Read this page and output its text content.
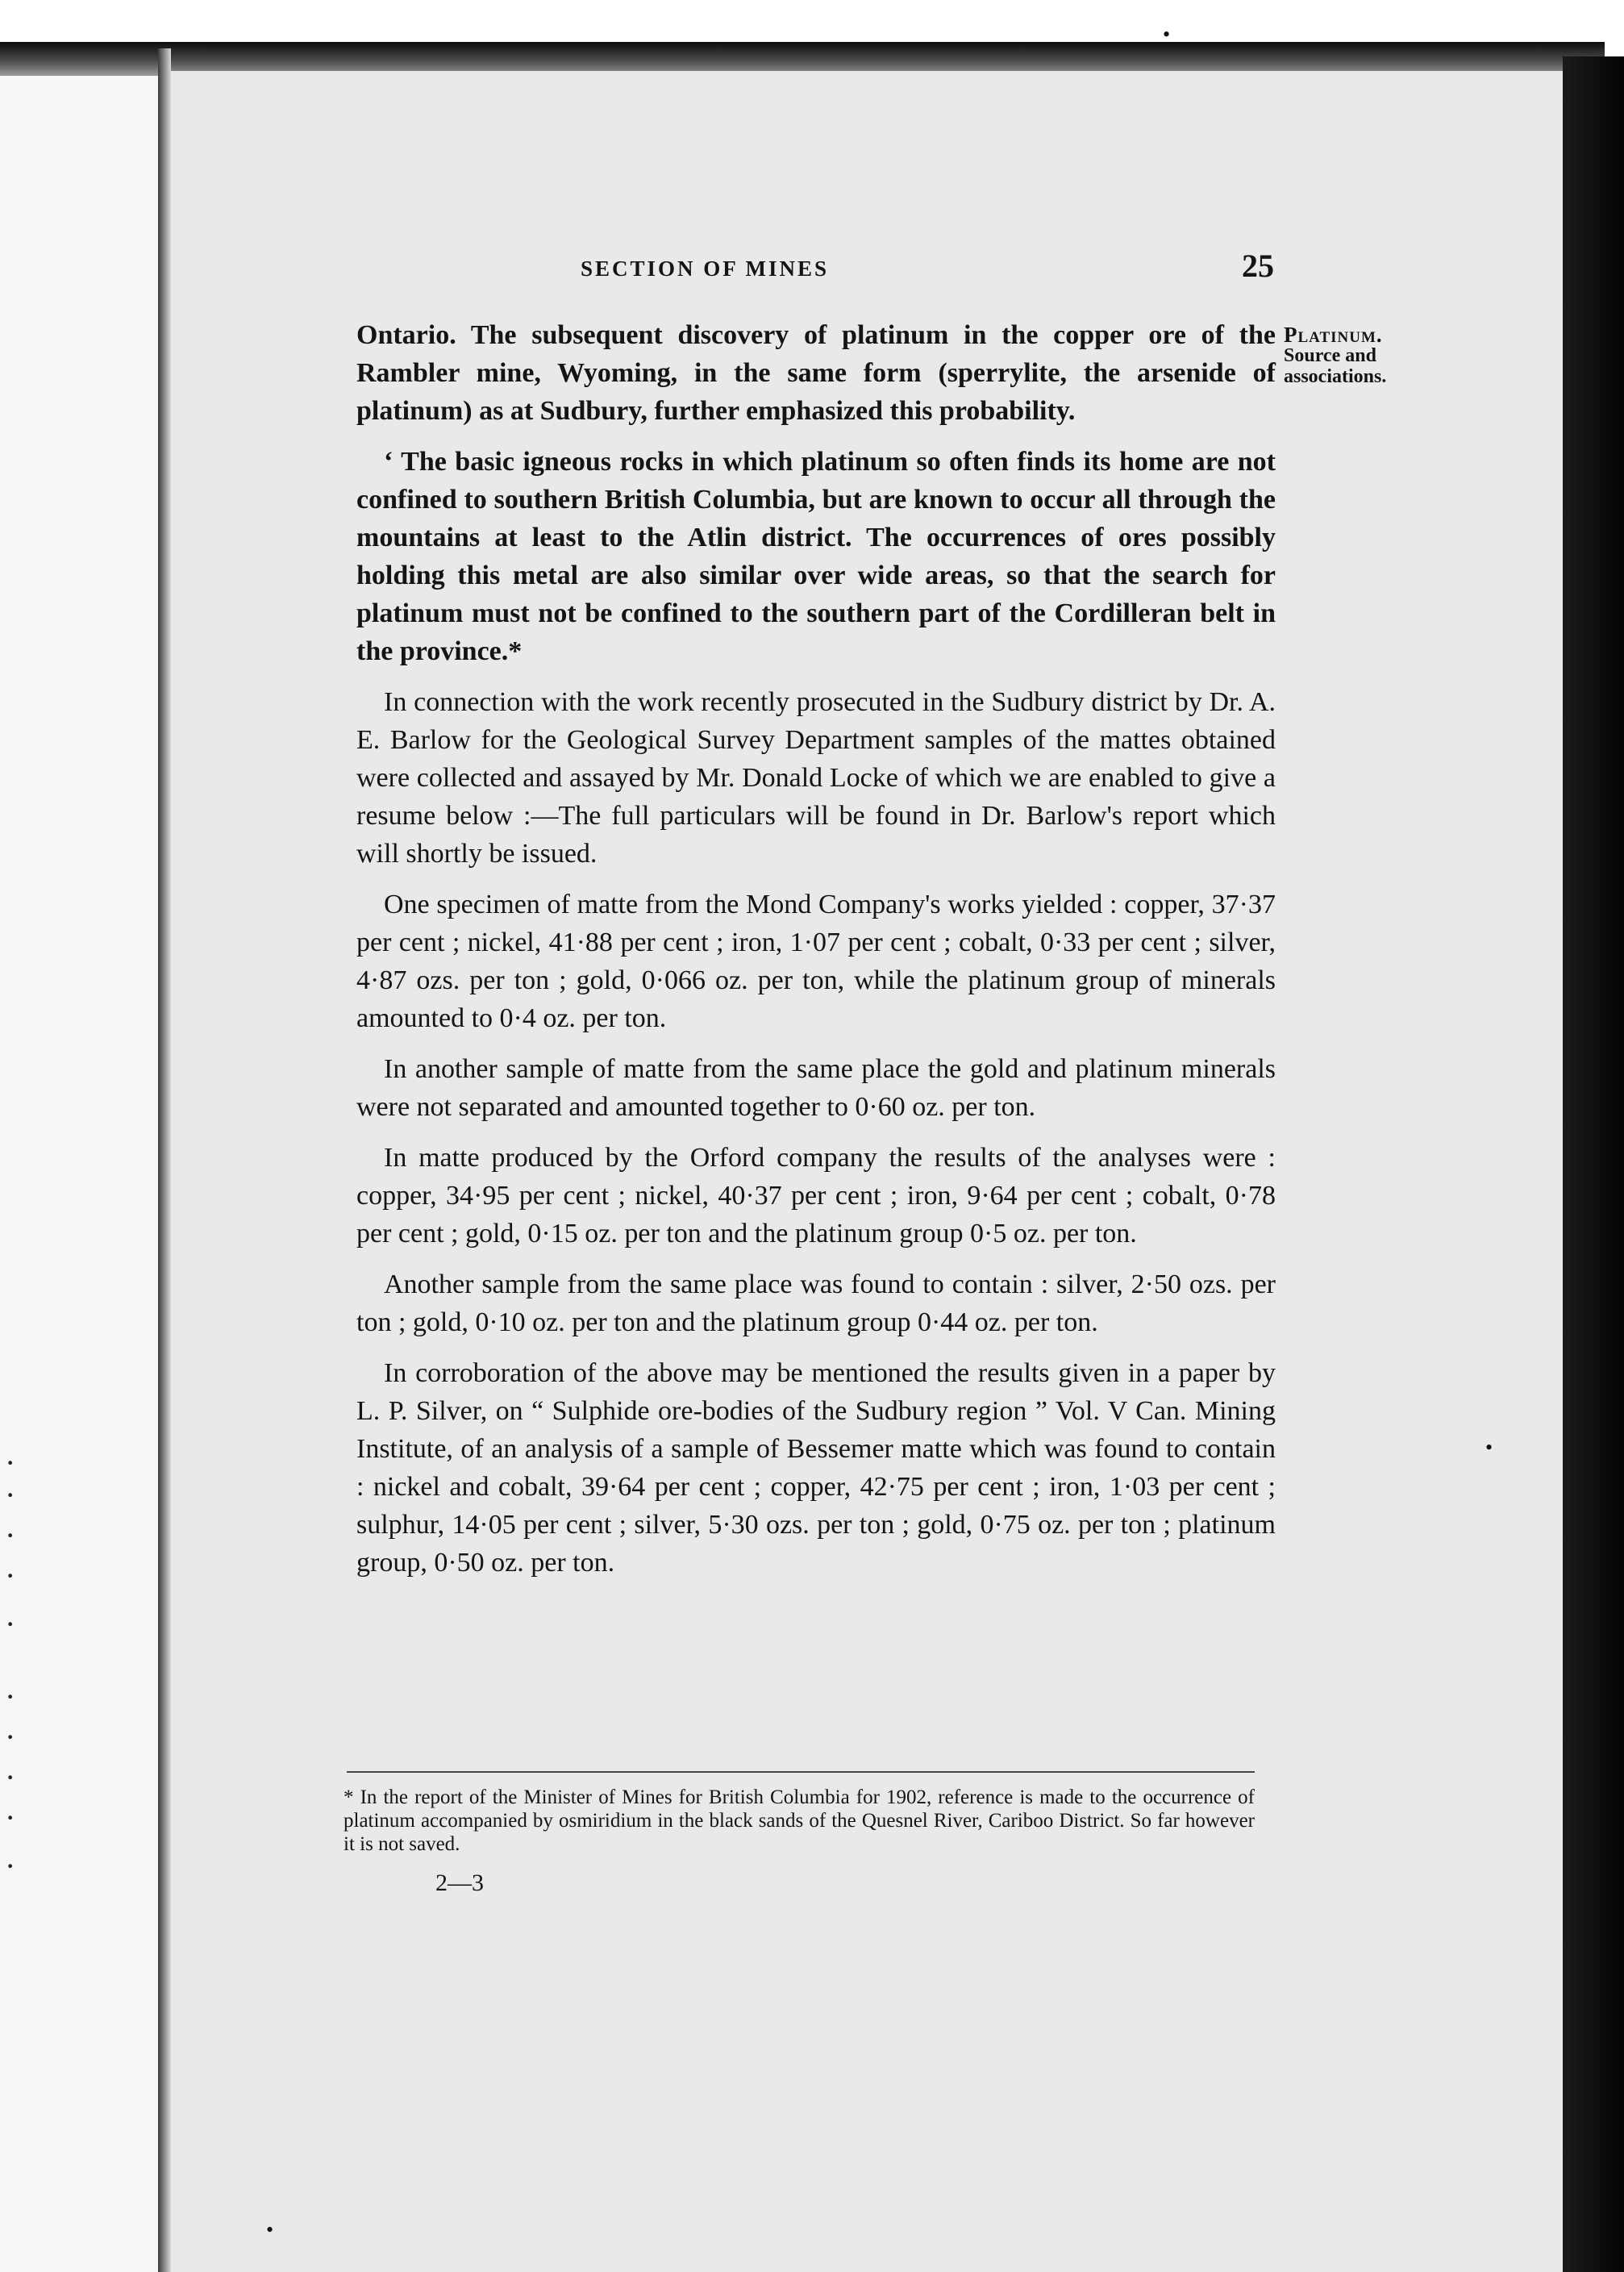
·
·
·
·
·
·
·
·
·
·
SECTION OF MINES	25
Platinum.
Source and associations.

Ontario. The subsequent discovery of platinum in the copper ore of the Rambler mine, Wyoming, in the same form (sperrylite, the arsenide of platinum) as at Sudbury, further emphasized this probability.

‘ The basic igneous rocks in which platinum so often finds its home are not confined to southern British Columbia, but are known to occur all through the mountains at least to the Atlin district. The occurrences of ores possibly holding this metal are also similar over wide areas, so that the search for platinum must not be confined to the southern part of the Cordilleran belt in the province.*

In connection with the work recently prosecuted in the Sudbury district by Dr. A. E. Barlow for the Geological Survey Department samples of the mattes obtained were collected and assayed by Mr. Donald Locke of which we are enabled to give a resume below :—The full particulars will be found in Dr. Barlow's report which will shortly be issued.

One specimen of matte from the Mond Company's works yielded : copper, 37·37 per cent ; nickel, 41·88 per cent ; iron, 1·07 per cent ; cobalt, 0·33 per cent ; silver, 4·87 ozs. per ton ; gold, 0·066 oz. per ton, while the platinum group of minerals amounted to 0·4 oz. per ton.

In another sample of matte from the same place the gold and platinum minerals were not separated and amounted together to 0·60 oz. per ton.

In matte produced by the Orford company the results of the analyses were : copper, 34·95 per cent ; nickel, 40·37 per cent ; iron, 9·64 per cent ; cobalt, 0·78 per cent ; gold, 0·15 oz. per ton and the platinum group 0·5 oz. per ton.

Another sample from the same place was found to contain : silver, 2·50 ozs. per ton ; gold, 0·10 oz. per ton and the platinum group 0·44 oz. per ton.

In corroboration of the above may be mentioned the results given in a paper by L. P. Silver, on “ Sulphide ore-bodies of the Sudbury region ” Vol. V Can. Mining Institute, of an analysis of a sample of Bessemer matte which was found to contain : nickel and cobalt, 39·64 per cent ; copper, 42·75 per cent ; iron, 1·03 per cent ; sulphur, 14·05 per cent ; silver, 5·30 ozs. per ton ; gold, 0·75 oz. per ton ; platinum group, 0·50 oz. per ton.

* In the report of the Minister of Mines for British Columbia for 1902, reference is made to the occurrence of platinum accompanied by osmiridium in the black sands of the Quesnel River, Cariboo District. So far however it is not saved.
2—3
•
•
•
